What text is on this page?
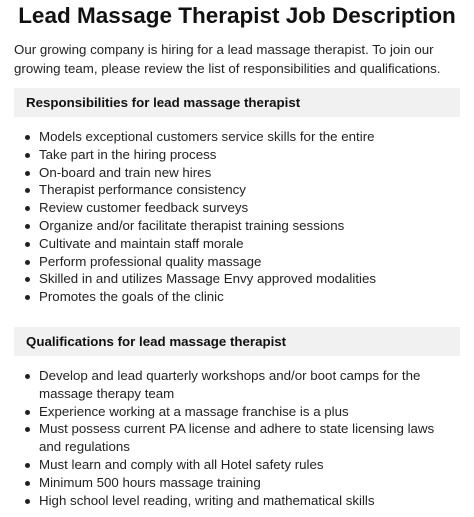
Lead Massage Therapist Job Description

Our growing company is hiring for a lead massage therapist. To join our growing team, please review the list of responsibilities and qualifications.

Responsibilities for lead massage therapist
Models exceptional customers service skills for the entire
Take part in the hiring process
On-board and train new hires
Therapist performance consistency
Review customer feedback surveys
Organize and/or facilitate therapist training sessions
Cultivate and maintain staff morale
Perform professional quality massage
Skilled in and utilizes Massage Envy approved modalities
Promotes the goals of the clinic
Qualifications for lead massage therapist
Develop and lead quarterly workshops and/or boot camps for the massage therapy team
Experience working at a massage franchise is a plus
Must possess current PA license and adhere to state licensing laws and regulations
Must learn and comply with all Hotel safety rules
Minimum 500 hours massage training
High school level reading, writing and mathematical skills
